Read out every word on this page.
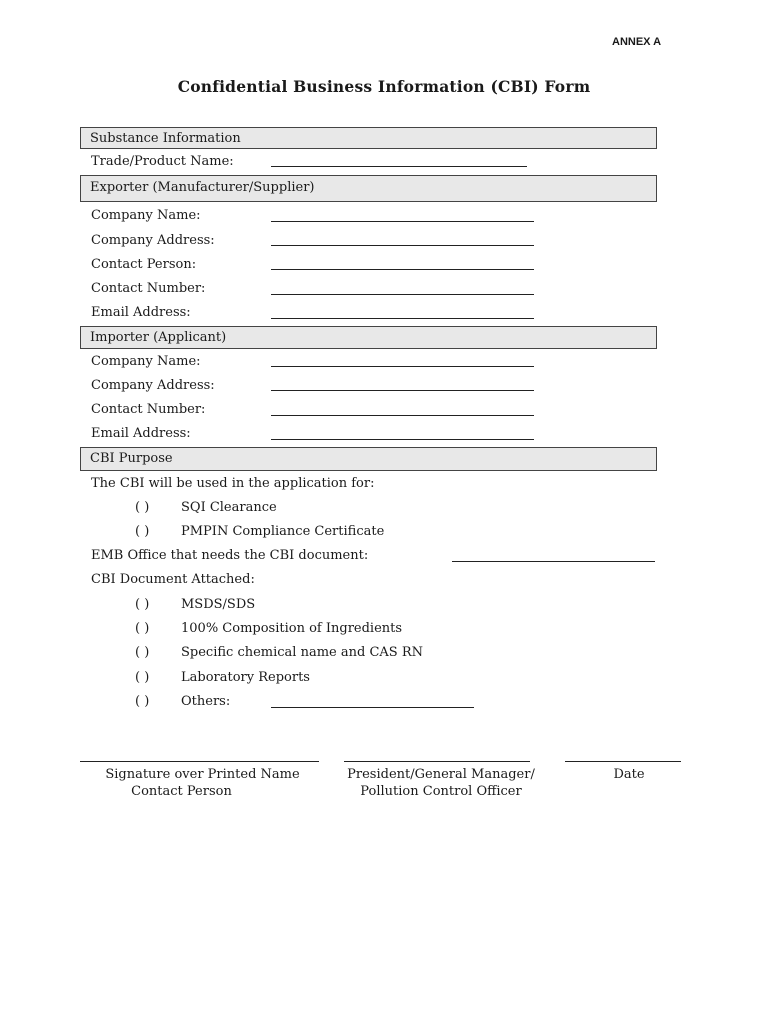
ANNEX A
Confidential Business Information (CBI) Form
Substance Information
Trade/Product Name:
Exporter (Manufacturer/Supplier)
Company Name:
Company Address:
Contact Person:
Contact Number:
Email Address:
Importer (Applicant)
Company Name:
Company Address:
Contact Number:
Email Address:
CBI Purpose
The CBI will be used in the application for:
( ) SQI Clearance
( ) PMPIN Compliance Certificate
EMB Office that needs the CBI document:
CBI Document Attached:
( ) MSDS/SDS
( ) 100% Composition of Ingredients
( ) Specific chemical name and CAS RN
( ) Laboratory Reports
( ) Others:
Signature over Printed Name
Contact Person
President/General Manager/
Pollution Control Officer
Date
